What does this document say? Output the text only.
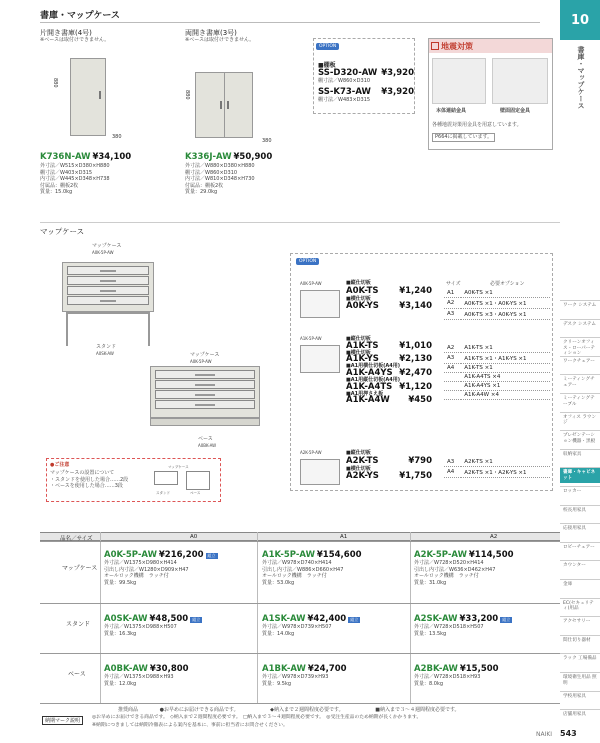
書庫・マップケース	10
書庫・マップケース
片開き書庫(4号)
※ベースは取付けできません。
880
380
K736N-AW ¥34,100
外寸法／W515×D380×H880
棚寸法／W403×D315
内寸法／W445×D348×H738
付属品：棚板2枚
質量：15.0kg
両開き書庫(3号)
※ベースは取付けできません。
880
380
K336J-AW ¥50,900
外寸法／W880×D380×H880
棚寸法／W860×D310
内寸法／W810×D348×H730
付属品：棚板2枚
質量：29.0kg
OPTION
■棚板
SS-D320-AW ¥3,920
棚寸法／W860×D310
SS-K73-AW ¥3,920
棚寸法／W483×D315
地震対策
本体連結金具	壁面固定金具
各種地震対策用金具を用意しています。
P664に掲載しています。
マップケース
マップケース
A0K-5P-AW
スタンド
A0SK-AW	マップケース
A0K-5P-AW
ベース
A0BK-AW
●ご注意
マップケースの設置について
・スタンドを使用した場合……2段
・ベースを使用した場合……3段
マップケース
スタンド	ベース
OPTION
サイズ	必要オプション
A0K-5P-AW	■縦仕切板
A0K-TS ¥1,240
■横仕切板
A0K-YS ¥3,140
A1	A0K-TS ×1
A2	A0K-TS ×1・A0K-YS ×1
A3	A0K-TS ×3・A0K-YS ×1
A1K-5P-AW	■縦仕切板
A1K-TS ¥1,010
■横仕切板
A1K-YS ¥2,130
■A1用横仕切板(A4用)
A1K-A4YS ¥2,470
■A1用縦仕切板(A4用)
A1K-A4TS ¥1,120
■A1用押さえ板
A1K-A4W ¥450
A2	A1K-TS ×1
A3	A1K-TS ×1・A1K-YS ×1
A4	A1K-TS ×1
	A1K-A4TS ×4
	A1K-A4YS ×1
	A1K-A4W ×4
A2K-5P-AW	■縦仕切板
A2K-TS	¥790
■横仕切板
A2K-YS ¥1,750
A3	A2K-TS ×1
A4	A2K-TS ×1・A2K-YS ×1
ワーク システム
デスク システム
クリーンオフィス・ローパーティション
ワークチェアー
ミーティングチェアー
ミーティングテーブル
オフィス ラウンジ
プレゼンテーション機器・黒板
収納家具
書庫・キャビネット
ロッカー
校長用家具
応接用家具
ロビーチェアー
カウンター
金庫
EC(セキュリティ)用品
アクセサリー
間仕切り器材
ラック 工場備品
環境衛生用品 照明
学校用家具
店舗用家具
品名／サイズ	A0	A1	A2
マップケース
A0K-5P-AW ¥216,200 組立
外寸法／W1375×D980×H414
引出し内寸法／W1280×D909×H47
オールロック機構　ラッチ付
質量：99.5kg
A1K-5P-AW ¥154,600
外寸法／W978×D740×H414
引出し内寸法／W886×D660×H47
オールロック機構　ラッチ付
質量：53.0kg
A2K-5P-AW ¥114,500
外寸法／W728×D520×H414
引出し内寸法／W636×D462×H47
オールロック機構　ラッチ付
質量：31.0kg
スタンド
A0SK-AW ¥48,500 組立
外寸法／W1375×D988×H507
質量：16.3kg
A1SK-AW ¥42,400 組立
外寸法／W978×D739×H507
質量：14.0kg
A2SK-AW ¥33,200 組立
外寸法／W728×D518×H507
質量：13.5kg
ベース
A0BK-AW ¥30,800
外寸法／W1375×D988×H93
質量：12.0kg
A1BK-AW ¥24,700
外寸法／W978×D739×H93
質量：9.5kg
A2BK-AW ¥15,500
外寸法／W728×D518×H93
質量：8.0kg
推奨商品	●お早めにお届けできる商品です。	◆納入まで２週間程度必要です。	■納入まで３～４週間程度必要です。
納期マーク説明
◎お早めにお届けできる商品です。　◇納入まで２週間程度必要です。　□納入まで３～４週間程度必要です。　◎受注生産品のため納期が長くかかります。
※納期につきましては納期冷徹表による案内を基本に、事前に担当者にお問合せください。
NAIKI 543
